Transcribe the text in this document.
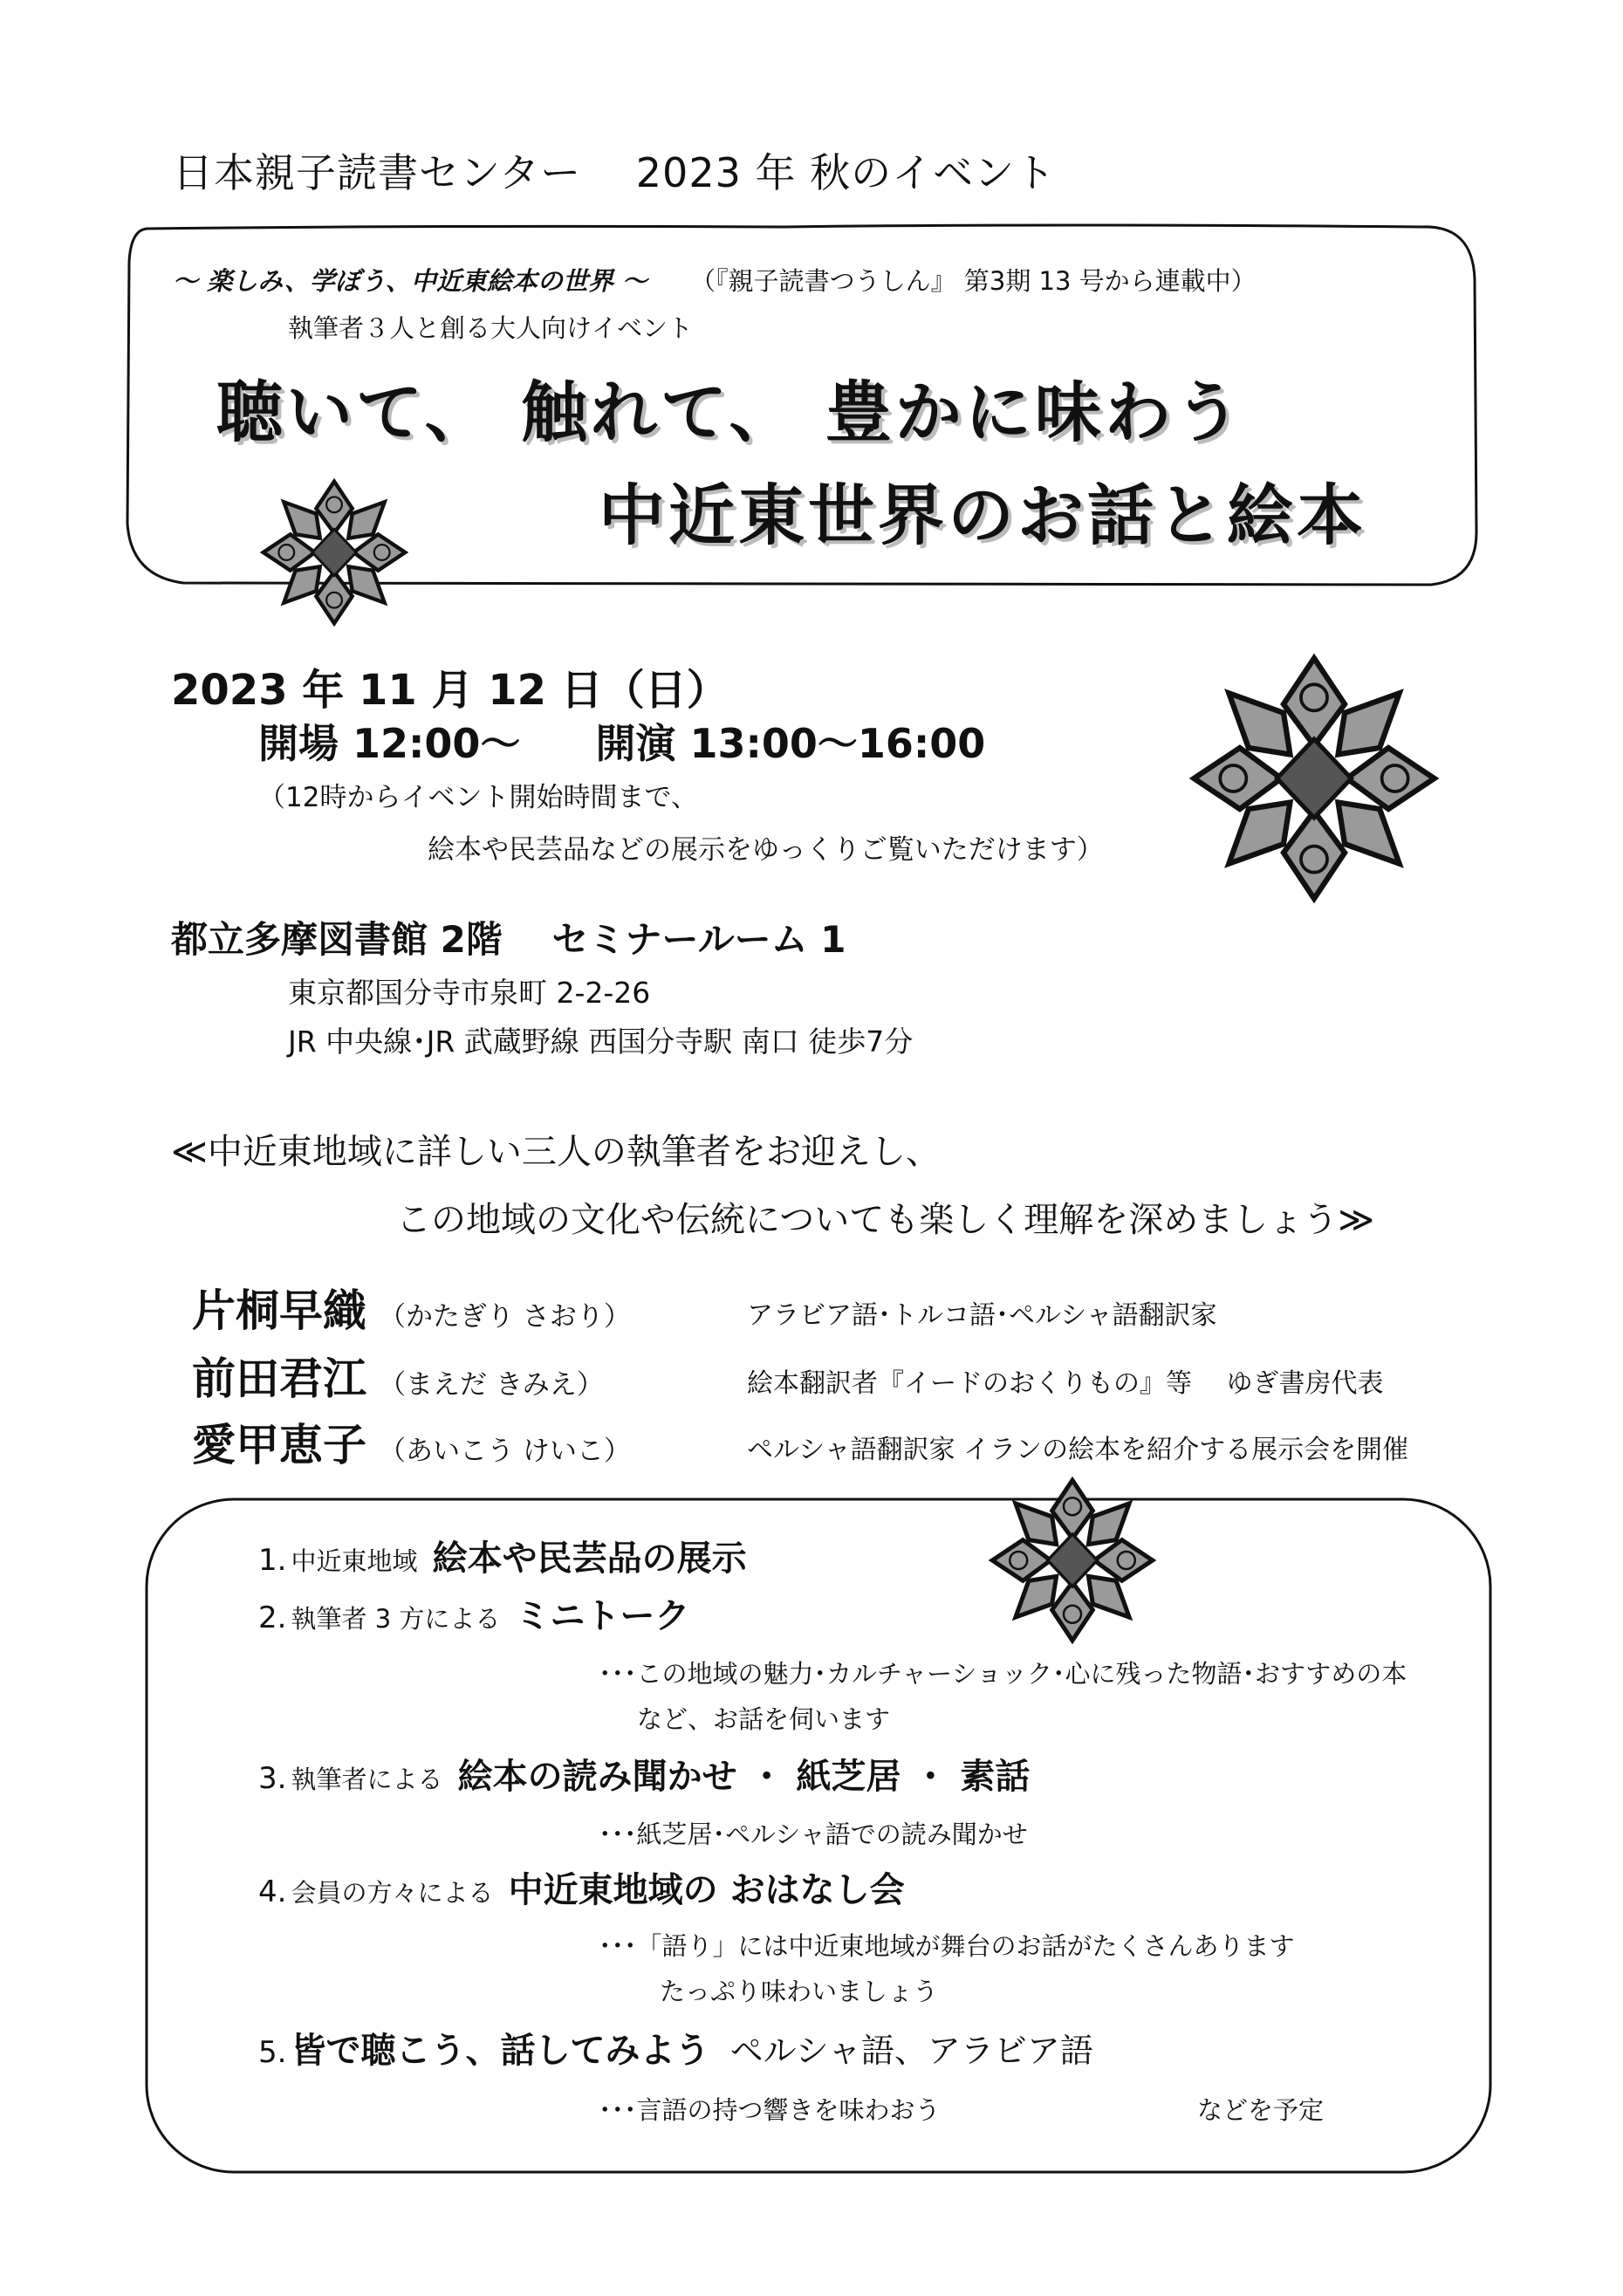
日本親子読書センター　 2023 年 秋のイベント
〜 楽しみ、学ぼう、中近東絵本の世界 〜 （『親子読書つうしん』 第3期 13 号から連載中）
執筆者３人と創る大人向けイベント
聴いて、 触れて、 豊かに味わう
中近東世界のお話と絵本
2023 年 11 月 12 日（日）
開場 12:00〜 開演 13:00〜16:00
（12時からイベント開始時間まで、
絵本や民芸品などの展示をゆっくりご覧いただけます）
都立多摩図書館 2階　 セミナールーム 1
東京都国分寺市泉町 2-2-26
JR 中央線･JR 武蔵野線 西国分寺駅 南口 徒歩7分
≪中近東地域に詳しい三人の執筆者をお迎えし、
この地域の文化や伝統についても楽しく理解を深めましょう≫
片桐早織 （かたぎり さおり）	アラビア語･トルコ語･ペルシャ語翻訳家
前田君江 （まえだ きみえ）	絵本翻訳者『イードのおくりもの』等　 ゆぎ書房代表
愛甲恵子 （あいこう けいこ）	ペルシャ語翻訳家 イランの絵本を紹介する展示会を開催
1. 中近東地域 絵本や民芸品の展示
2. 執筆者 3 方による ミニトーク
･･･この地域の魅力･カルチャーショック･心に残った物語･おすすめの本
など、お話を伺います
3. 執筆者による 絵本の読み聞かせ ・ 紙芝居 ・ 素話
･･･紙芝居･ペルシャ語での読み聞かせ
4. 会員の方々による 中近東地域の おはなし会
･･･「語り」には中近東地域が舞台のお話がたくさんあります
たっぷり味わいましょう
5. 皆で聴こう、話してみよう ペルシャ語、アラビア語
･･･言語の持つ響きを味わおう	などを予定
